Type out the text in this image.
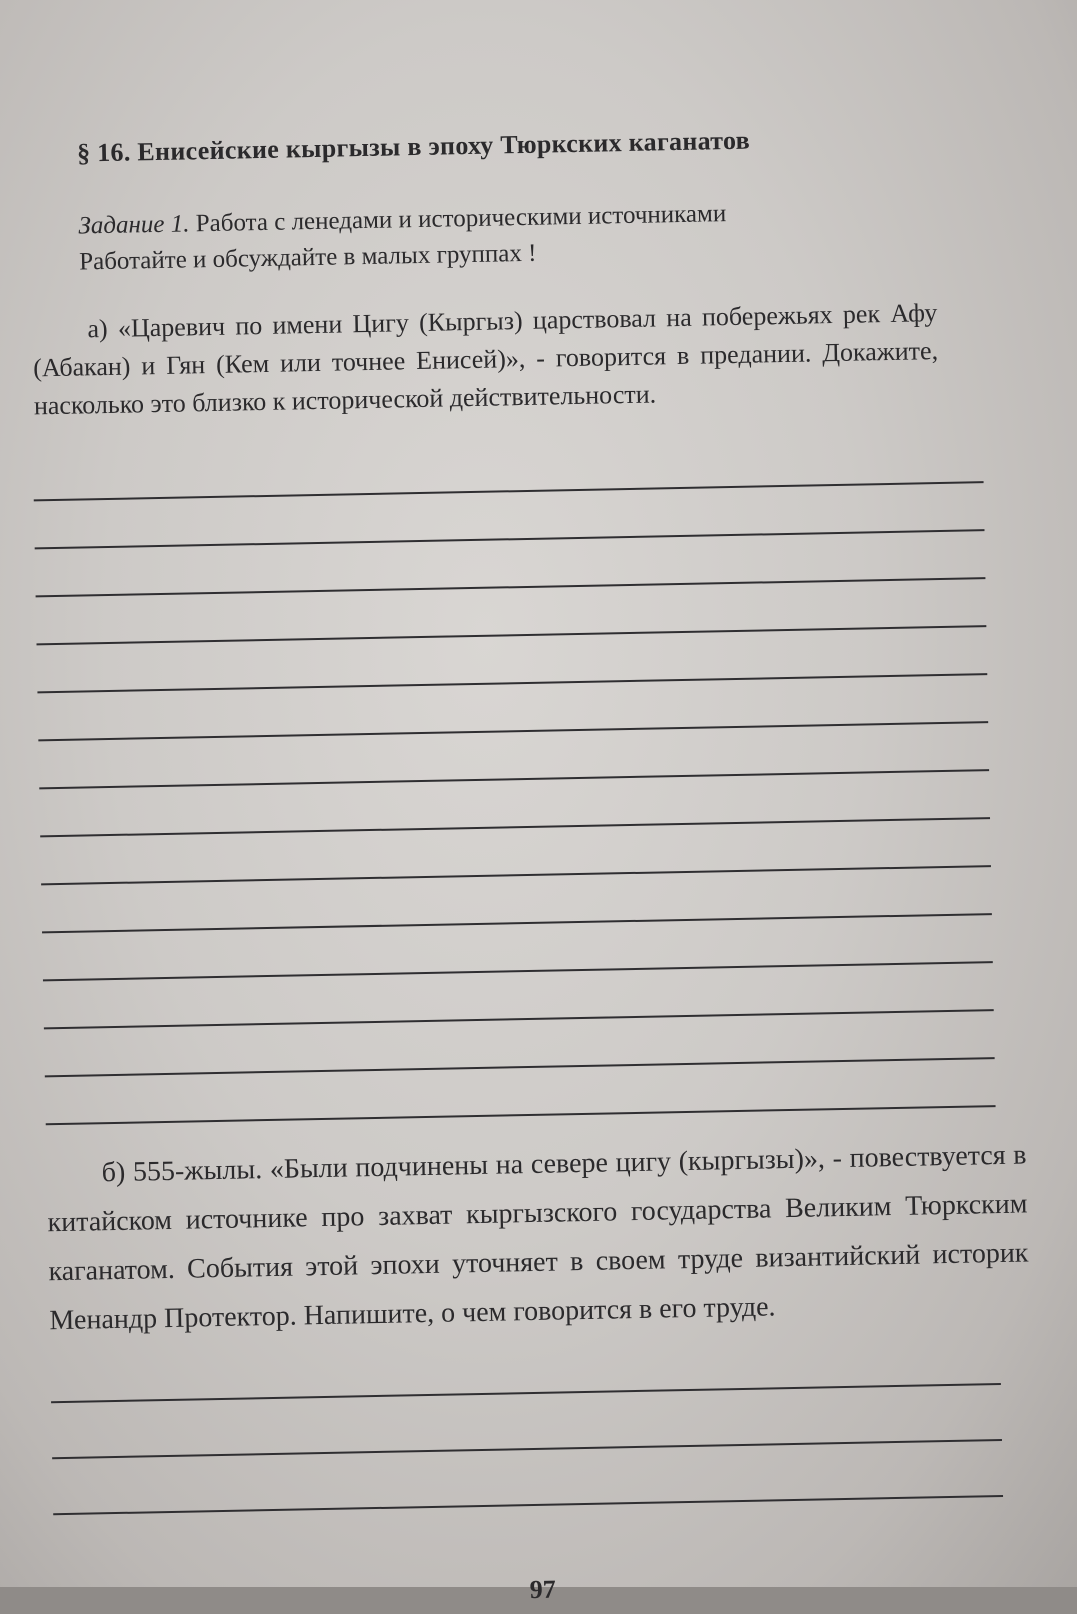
⠀
⠀
⠀
⠀
⠀
§ 16. Енисейские кыргызы в эпоху Тюркских каганатов
Задание 1. Работа с ленедами и историческими источниками
Работайте и обсуждайте в малых группах !
а) «Царевич по имени Цигу (Кыргыз) царствовал на побережьях рек Афу (Абакан) и Гян (Кем или точнее Енисей)», - говорится в предании. Докажите, насколько это близко к исторической действительности.
б) 555-жылы. «Были подчинены на севере цигу (кыргызы)», - повествуется в китайском источнике про захват кыргызского государства Великим Тюркским каганатом. События этой эпохи уточняет в своем труде византийский историк Менандр Протектор. Напишите, о чем говорится в его труде.
97
